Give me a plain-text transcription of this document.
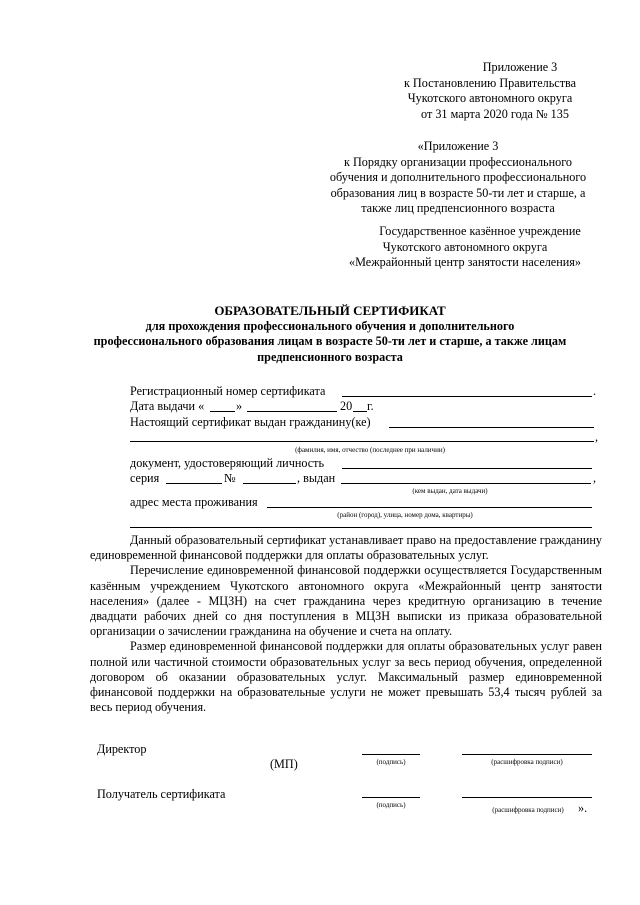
Приложение 3
к Постановлению Правительства
Чукотского автономного округа
от 31 марта 2020 года № 135
«Приложение 3
к Порядку организации профессионального
обучения и дополнительного профессионального
образования лиц в возрасте 50-ти лет и старше, а
также лиц предпенсионного возраста
Государственное казённое учреждение
Чукотского автономного округа
«Межрайонный центр занятости населения»
ОБРАЗОВАТЕЛЬНЫЙ СЕРТИФИКАТ
для прохождения профессионального обучения и дополнительного
профессионального образования лицам в возрасте 50-ти лет и старше, а также лицам
предпенсионного возраста
Регистрационный номер сертификата	.
Дата выдачи «	»	20 г.
Настоящий сертификат выдан гражданину(ке)
,
(фамилия, имя, отчество (последнее при наличии)
документ, удостоверяющий личность
серия	№	, выдан	,
(кем выдан, дата выдачи)
адрес места проживания
(район (город), улица, номер дома, квартиры)

Данный образовательный сертификат устанавливает право на предоставление гражданину единовременной финансовой поддержки для оплаты образовательных услуг.

Перечисление единовременной финансовой поддержки осуществляется Государственным казённым учреждением Чукотского автономного округа «Межрайонный центр занятости населения» (далее - МЦЗН) на счет гражданина через кредитную организацию в течение двадцати рабочих дней со дня поступления в МЦЗН выписки из приказа образовательной организации о зачислении гражданина на обучение и счета на оплату.

Размер единовременной финансовой поддержки для оплаты образовательных услуг равен полной или частичной стоимости образовательных услуг за весь период обучения, определенной договором об оказании образовательных услуг. Максимальный размер единовременной финансовой поддержки на образовательные услуги не может превышать 53,4 тысяч рублей за весь период обучения.

Директор
(МП)	(подпись)	(расшифровка подписи)
Получатель сертификата
(подпись)
(расшифровка подписи)	».
